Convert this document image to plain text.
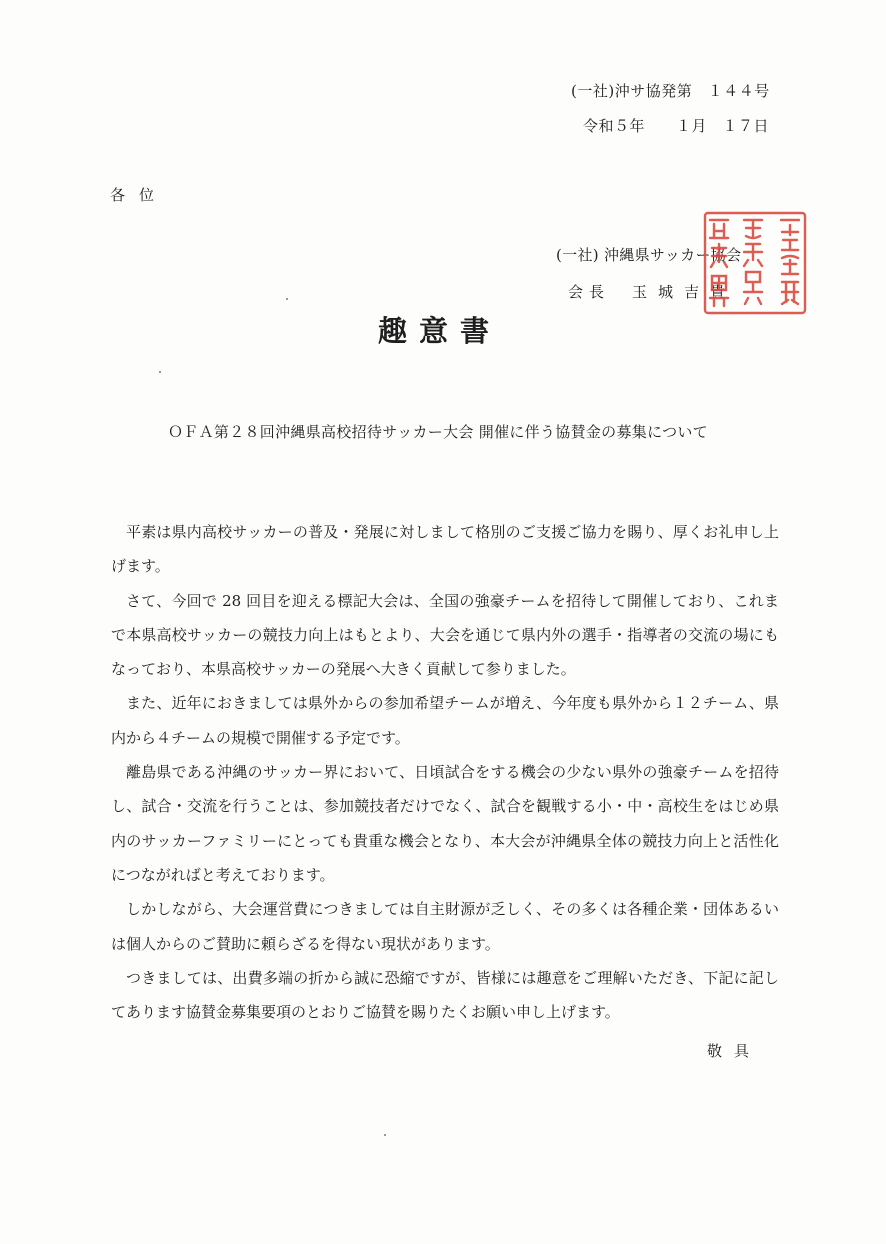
(一社)沖サ協発第　１４４号
令和５年　　１月　１７日
各位
(一社) 沖縄県サッカー協会
会長 玉城吉貴
趣意書
ＯＦＡ第２８回沖縄県高校招待サッカー大会 開催に伴う協賛金の募集について

平素は県内高校サッカーの普及・発展に対しまして格別のご支援ご協力を賜り、厚くお礼申し上げます。

さて、今回で 28 回目を迎える標記大会は、全国の強豪チームを招待して開催しており、これまで本県高校サッカーの競技力向上はもとより、大会を通じて県内外の選手・指導者の交流の場にもなっており、本県高校サッカーの発展へ大きく貢献して参りました。

また、近年におきましては県外からの参加希望チームが増え、今年度も県外から１２チーム、県内から４チームの規模で開催する予定です。

離島県である沖縄のサッカー界において、日頃試合をする機会の少ない県外の強豪チームを招待し、試合・交流を行うことは、参加競技者だけでなく、試合を観戦する小・中・高校生をはじめ県内のサッカーファミリーにとっても貴重な機会となり、本大会が沖縄県全体の競技力向上と活性化につながればと考えております。

しかしながら、大会運営費につきましては自主財源が乏しく、その多くは各種企業・団体あるいは個人からのご賛助に頼らざるを得ない現状があります。

つきましては、出費多端の折から誠に恐縮ですが、皆様には趣意をご理解いただき、下記に記してあります協賛金募集要項のとおりご協賛を賜りたくお願い申し上げます。

敬具
